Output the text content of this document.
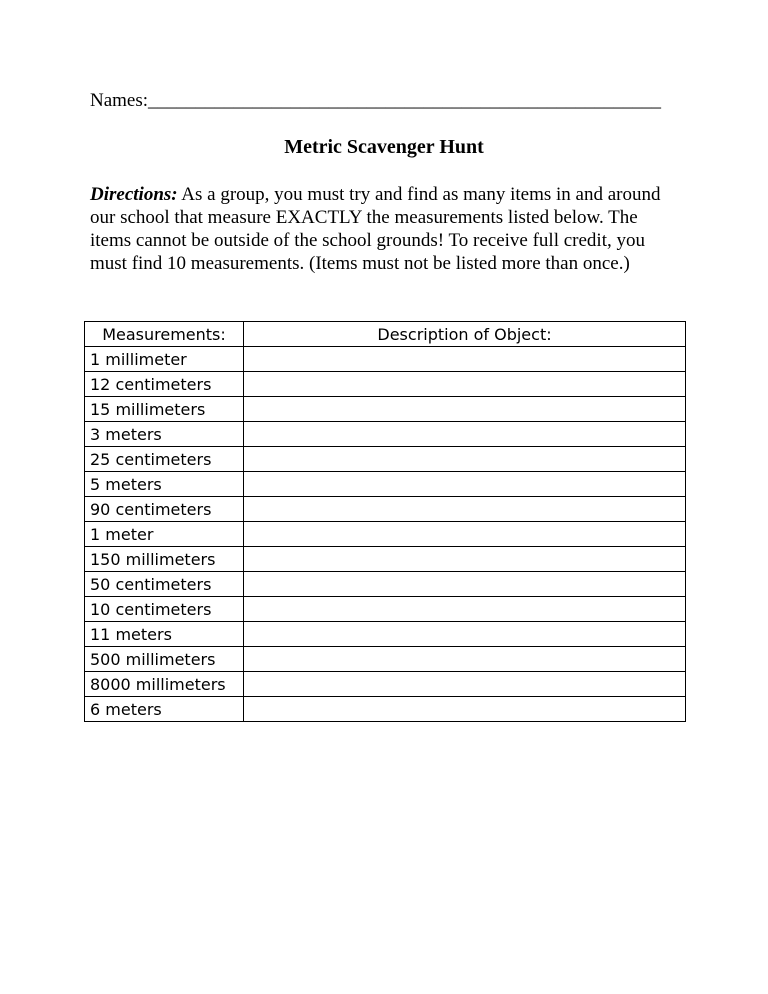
Names:______________________________________________________
Metric Scavenger Hunt
Directions: As a group, you must try and find as many items in and around our school that measure EXACTLY the measurements listed below. The items cannot be outside of the school grounds! To receive full credit, you must find 10 measurements. (Items must not be listed more than once.)
Measurements:	Description of Object:
1 millimeter	
12 centimeters	
15 millimeters	
3 meters	
25 centimeters	
5 meters	
90 centimeters	
1 meter	
150 millimeters	
50 centimeters	
10 centimeters	
11 meters	
500 millimeters	
8000 millimeters	
6 meters	
